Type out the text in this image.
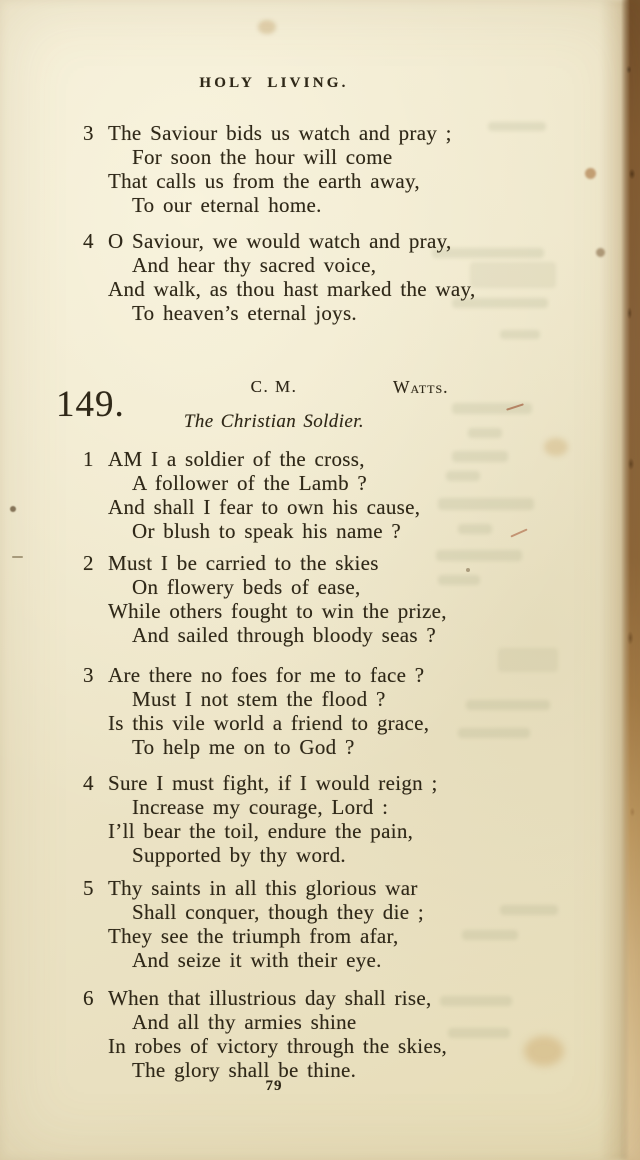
HOLY LIVING.
3 The Saviour bids us watch and pray ;
For soon the hour will come
That calls us from the earth away,
To our eternal home.
4 O Saviour, we would watch and pray,
And hear thy sacred voice,
And walk, as thou hast marked the way,
To heaven’s eternal joys.
149.	C. M.	Watts.
The Christian Soldier.
1 AM I a soldier of the cross,
A follower of the Lamb ?
And shall I fear to own his cause,
Or blush to speak his name ?
2 Must I be carried to the skies
On flowery beds of ease,
While others fought to win the prize,
And sailed through bloody seas ?
3 Are there no foes for me to face ?
Must I not stem the flood ?
Is this vile world a friend to grace,
To help me on to God ?
4 Sure I must fight, if I would reign ;
Increase my courage, Lord :
I’ll bear the toil, endure the pain,
Supported by thy word.
5 Thy saints in all this glorious war
Shall conquer, though they die ;
They see the triumph from afar,
And seize it with their eye.
6 When that illustrious day shall rise,
And all thy armies shine
In robes of victory through the skies,
The glory shall be thine.
79
